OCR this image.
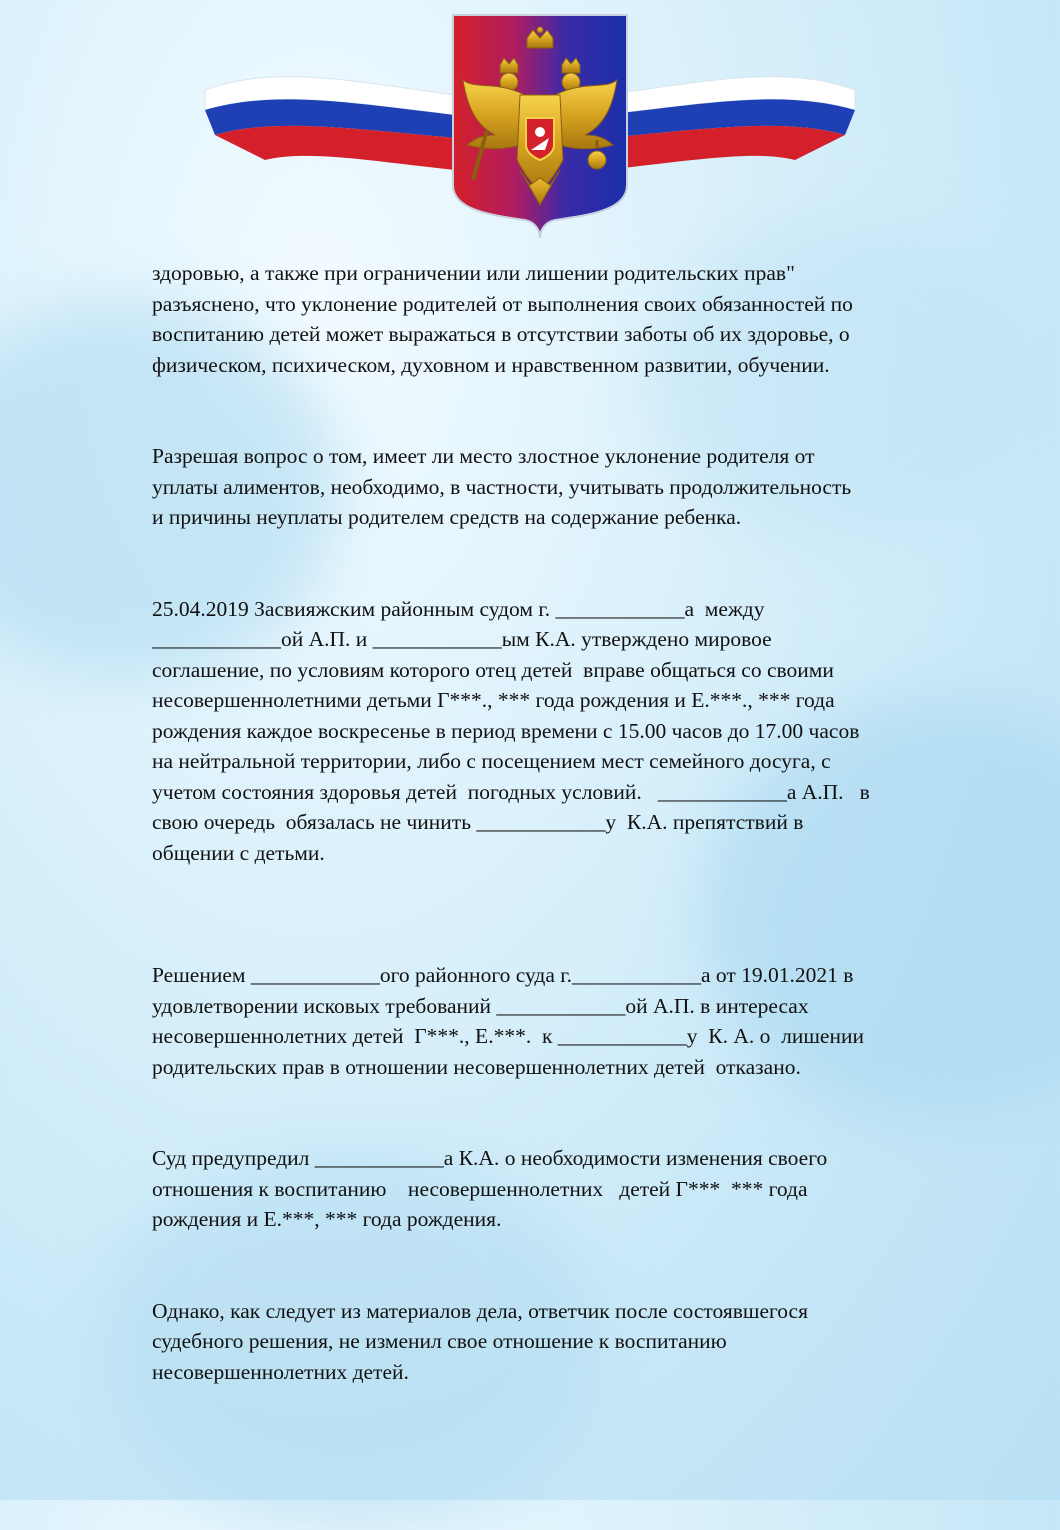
здоровью, а также при ограничении или лишении родительских прав"
разъяснено, что уклонение родителей от выполнения своих обязанностей по
воспитанию детей может выражаться в отсутствии заботы об их здоровье, о
физическом, психическом, духовном и нравственном развитии, обучении.

Разрешая вопрос о том, имеет ли место злостное уклонение родителя от
уплаты алиментов, необходимо, в частности, учитывать продолжительность
и причины неуплаты родителем средств на содержание ребенка.

25.04.2019 Засвияжским районным судом г. ____________а  между
____________ой А.П. и ____________ым К.А. утверждено мировое
соглашение, по условиям которого отец детей  вправе общаться со своими
несовершеннолетними детьми Г***., *** года рождения и Е.***., *** года
рождения каждое воскресенье в период времени с 15.00 часов до 17.00 часов
на нейтральной территории, либо с посещением мест семейного досуга, с
учетом состояния здоровья детей  погодных условий.   ____________а А.П.   в
свою очередь  обязалась не чинить ____________у  К.А. препятствий в
общении с детьми.

Решением ____________ого районного суда г.____________а от 19.01.2021 в
удовлетворении исковых требований ____________ой А.П. в интересах
несовершеннолетних детей  Г***., Е.***.  к ____________у  К. А. о  лишении
родительских прав в отношении несовершеннолетних детей  отказано.

Суд предупредил ____________а К.А. о необходимости изменения своего
отношения к воспитанию    несовершеннолетних   детей Г***  *** года
рождения и Е.***, *** года рождения.

Однако, как следует из материалов дела, ответчик после состоявшегося
судебного решения, не изменил свое отношение к воспитанию
несовершеннолетних детей.
